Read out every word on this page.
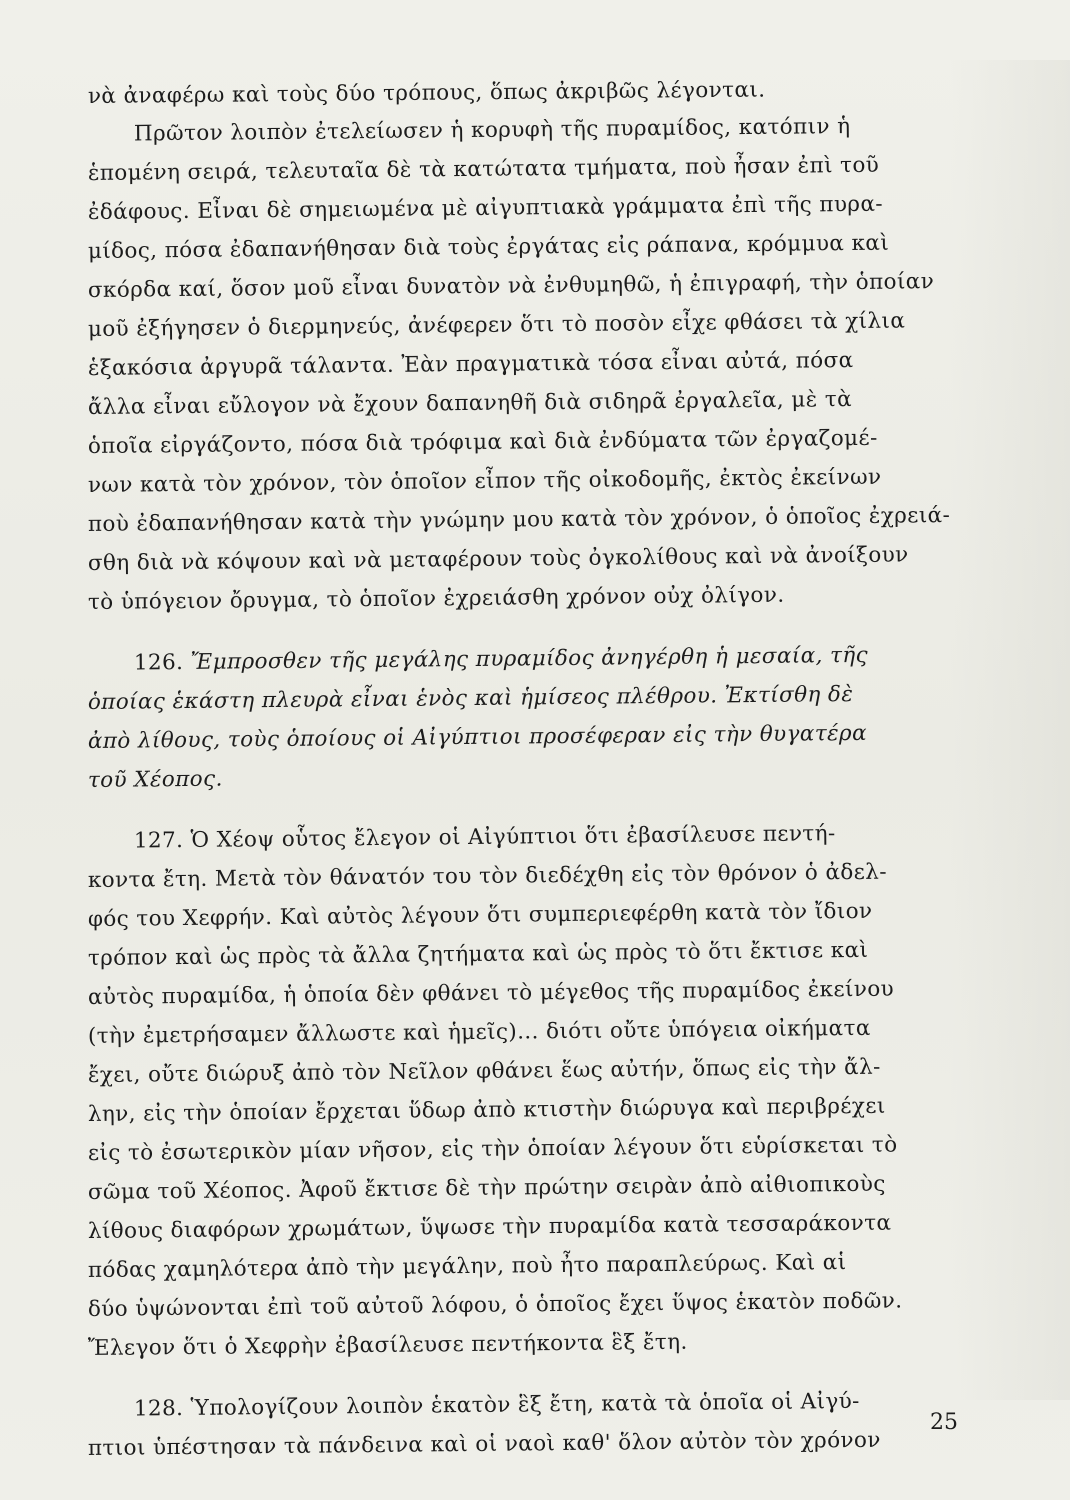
νὰ ἀναφέρω καὶ τοὺς δύο τρόπους, ὅπως ἀκριβῶς λέγονται.
Πρῶτον λοιπὸν ἐτελείωσεν ἡ κορυφὴ τῆς πυραμίδος, κατόπιν ἡ
ἑπομένη σειρά, τελευταῖα δὲ τὰ κατώτατα τμήματα, ποὺ ἦσαν ἐπὶ τοῦ
ἐδάφους. Εἶναι δὲ σημειωμένα μὲ αἰγυπτιακὰ γράμματα ἐπὶ τῆς πυρα-
μίδος, πόσα ἐδαπανήθησαν διὰ τοὺς ἐργάτας εἰς ράπανα, κρόμμυα καὶ
σκόρδα καί, ὅσον μοῦ εἶναι δυνατὸν νὰ ἐνθυμηθῶ, ἡ ἐπιγραφή, τὴν ὁποίαν
μοῦ ἐξήγησεν ὁ διερμηνεύς, ἀνέφερεν ὅτι τὸ ποσὸν εἶχε φθάσει τὰ χίλια
ἑξακόσια ἀργυρᾶ τάλαντα. Ἐὰν πραγματικὰ τόσα εἶναι αὐτά, πόσα
ἄλλα εἶναι εὔλογον νὰ ἔχουν δαπανηθῆ διὰ σιδηρᾶ ἐργαλεῖα, μὲ τὰ
ὁποῖα εἰργάζοντο, πόσα διὰ τρόφιμα καὶ διὰ ἐνδύματα τῶν ἐργαζομέ-
νων κατὰ τὸν χρόνον, τὸν ὁποῖον εἶπον τῆς οἰκοδομῆς, ἐκτὸς ἐκείνων
ποὺ ἐδαπανήθησαν κατὰ τὴν γνώμην μου κατὰ τὸν χρόνον, ὁ ὁποῖος ἐχρειά-
σθη διὰ νὰ κόψουν καὶ νὰ μεταφέρουν τοὺς ὀγκολίθους καὶ νὰ ἀνοίξουν
τὸ ὑπόγειον ὄρυγμα, τὸ ὁποῖον ἐχρειάσθη χρόνον οὐχ ὀλίγον.
126. Ἔμπροσθεν τῆς μεγάλης πυραμίδος ἀνηγέρθη ἡ μεσαία, τῆς
ὁποίας ἑκάστη πλευρὰ εἶναι ἑνὸς καὶ ἡμίσεος πλέθρου. Ἐκτίσθη δὲ
ἀπὸ λίθους, τοὺς ὁποίους οἱ Αἰγύπτιοι προσέφεραν εἰς τὴν θυγατέρα
τοῦ Χέοπος.
127. Ὁ Χέοψ οὗτος ἔλεγον οἱ Αἰγύπτιοι ὅτι ἐβασίλευσε πεντή-
κοντα ἔτη. Μετὰ τὸν θάνατόν του τὸν διεδέχθη εἰς τὸν θρόνον ὁ ἀδελ-
φός του Χεφρήν. Καὶ αὐτὸς λέγουν ὅτι συμπεριεφέρθη κατὰ τὸν ἴδιον
τρόπον καὶ ὡς πρὸς τὰ ἄλλα ζητήματα καὶ ὡς πρὸς τὸ ὅτι ἔκτισε καὶ
αὐτὸς πυραμίδα, ἡ ὁποία δὲν φθάνει τὸ μέγεθος τῆς πυραμίδος ἐκείνου
(τὴν ἐμετρήσαμεν ἄλλωστε καὶ ἡμεῖς)... διότι οὔτε ὑπόγεια οἰκήματα
ἔχει, οὔτε διώρυξ ἀπὸ τὸν Νεῖλον φθάνει ἕως αὐτήν, ὅπως εἰς τὴν ἄλ-
λην, εἰς τὴν ὁποίαν ἔρχεται ὕδωρ ἀπὸ κτιστὴν διώρυγα καὶ περιβρέχει
εἰς τὸ ἐσωτερικὸν μίαν νῆσον, εἰς τὴν ὁποίαν λέγουν ὅτι εὑρίσκεται τὸ
σῶμα τοῦ Χέοπος. Ἀφοῦ ἔκτισε δὲ τὴν πρώτην σειρὰν ἀπὸ αἰθιοπικοὺς
λίθους διαφόρων χρωμάτων, ὕψωσε τὴν πυραμίδα κατὰ τεσσαράκοντα
πόδας χαμηλότερα ἀπὸ τὴν μεγάλην, ποὺ ἦτο παραπλεύρως. Καὶ αἱ
δύο ὑψώνονται ἐπὶ τοῦ αὐτοῦ λόφου, ὁ ὁποῖος ἔχει ὕψος ἑκατὸν ποδῶν.
Ἔλεγον ὅτι ὁ Χεφρὴν ἐβασίλευσε πεντήκοντα ἓξ ἔτη.
128. Ὑπολογίζουν λοιπὸν ἑκατὸν ἓξ ἔτη, κατὰ τὰ ὁποῖα οἱ Αἰγύ-
πτιοι ὑπέστησαν τὰ πάνδεινα καὶ οἱ ναοὶ καθ' ὅλον αὐτὸν τὸν χρόνον
25
